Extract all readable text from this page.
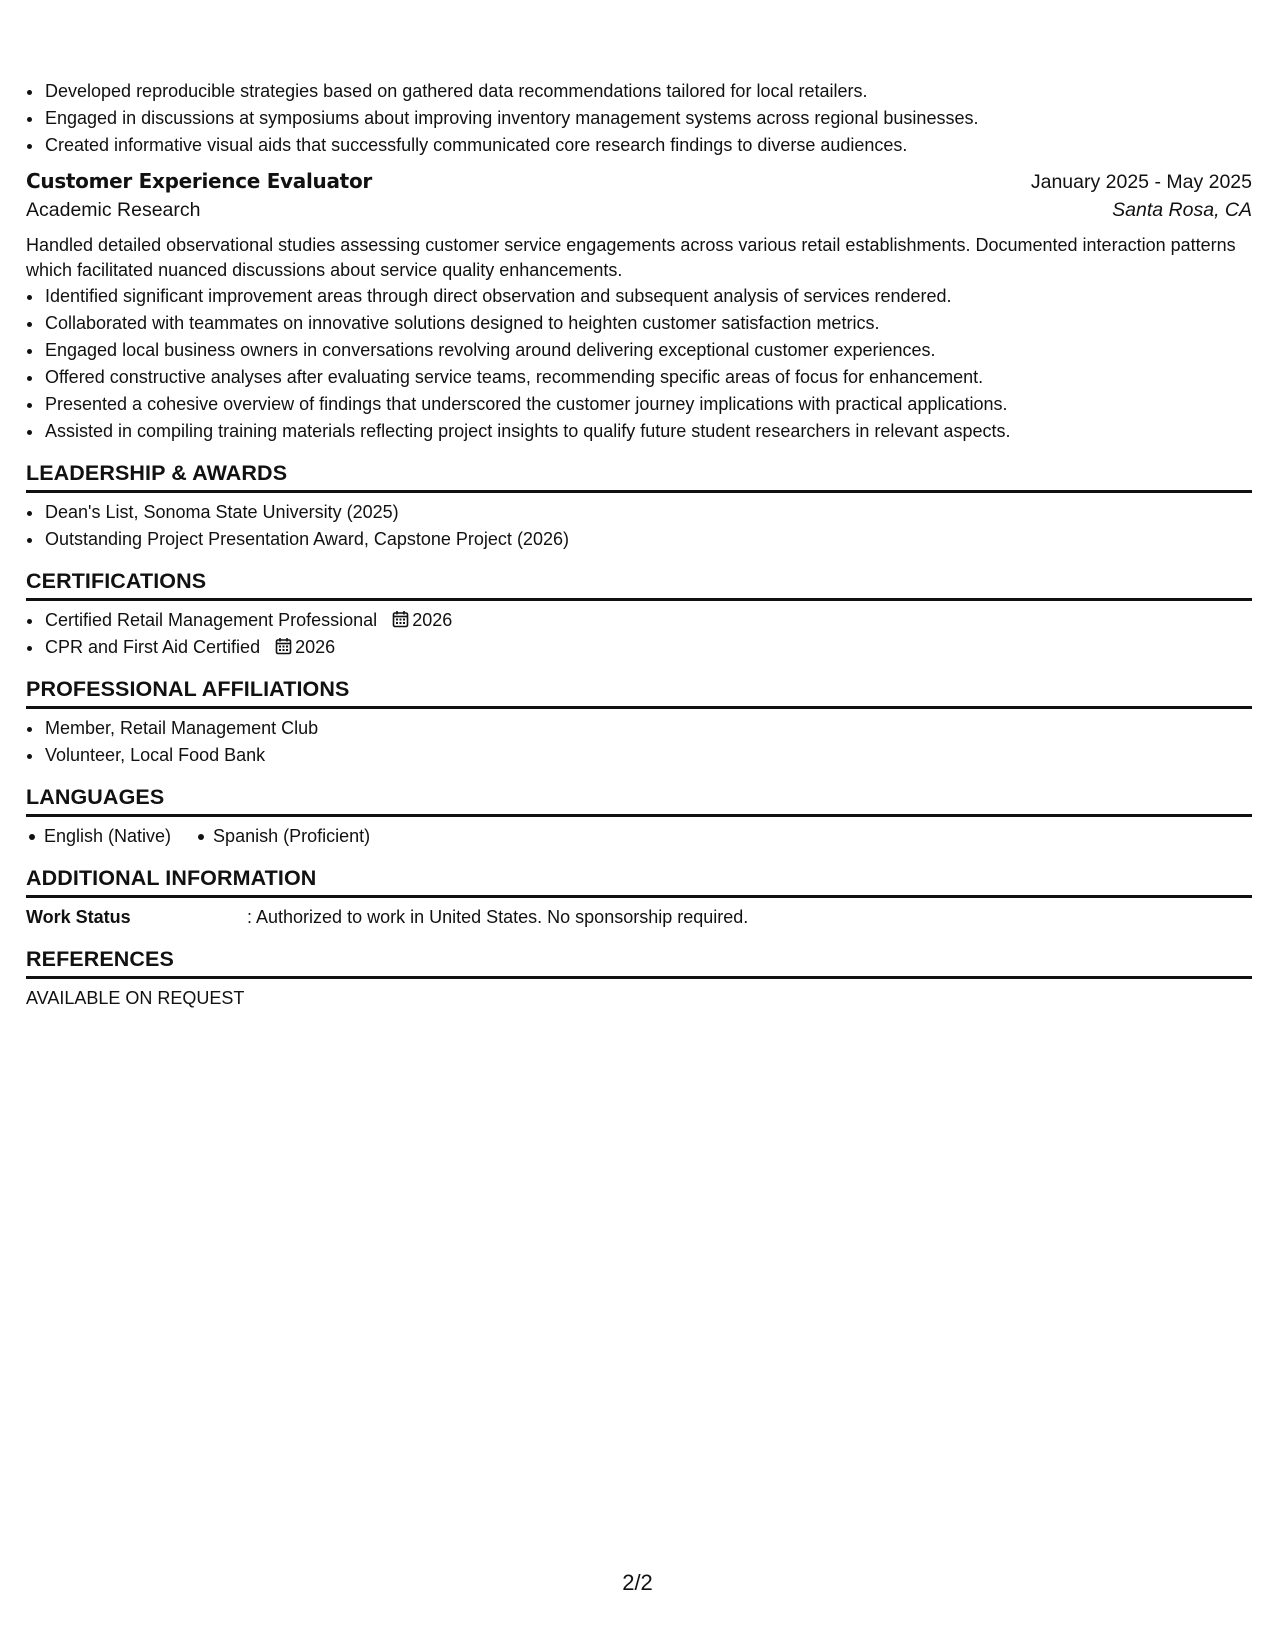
• Developed reproducible strategies based on gathered data recommendations tailored for local retailers.
• Engaged in discussions at symposiums about improving inventory management systems across regional businesses.
• Created informative visual aids that successfully communicated core research findings to diverse audiences.
Customer Experience Evaluator	January 2025 - May 2025
Academic Research	Santa Rosa, CA
Handled detailed observational studies assessing customer service engagements across various retail establishments. Documented interaction patterns which facilitated nuanced discussions about service quality enhancements.
• Identified significant improvement areas through direct observation and subsequent analysis of services rendered.
• Collaborated with teammates on innovative solutions designed to heighten customer satisfaction metrics.
• Engaged local business owners in conversations revolving around delivering exceptional customer experiences.
• Offered constructive analyses after evaluating service teams, recommending specific areas of focus for enhancement.
• Presented a cohesive overview of findings that underscored the customer journey implications with practical applications.
• Assisted in compiling training materials reflecting project insights to qualify future student researchers in relevant aspects.
LEADERSHIP & AWARDS
• Dean's List, Sonoma State University (2025)
• Outstanding Project Presentation Award, Capstone Project (2026)
CERTIFICATIONS
• Certified Retail Management Professional 2026
• CPR and First Aid Certified 2026
PROFESSIONAL AFFILIATIONS
• Member, Retail Management Club
• Volunteer, Local Food Bank
LANGUAGES
English (Native)	Spanish (Proficient)
ADDITIONAL INFORMATION
Work Status	: Authorized to work in United States. No sponsorship required.
REFERENCES
AVAILABLE ON REQUEST
2/2
